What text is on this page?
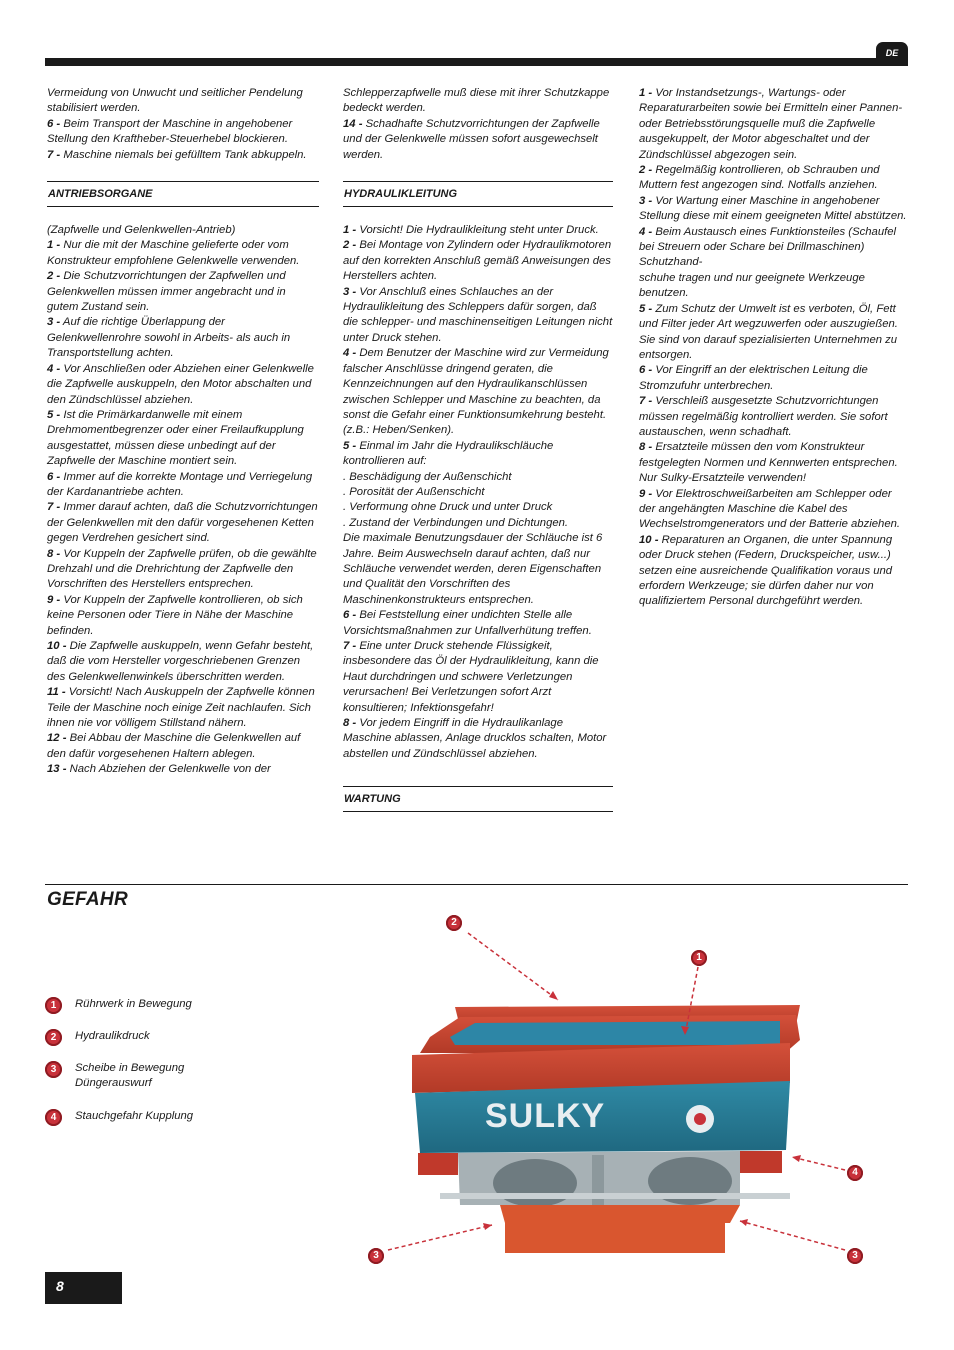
DE

Vermeidung von Unwucht und seitlicher Pendelung stabilisiert werden.

6 - Beim Transport der Maschine in angehobener Stellung den Kraftheber-Steuerhebel blockieren.

7 - Maschine niemals bei gefülltem Tank abkuppeln.

ANTRIEBSORGANE

(Zapfwelle und Gelenkwellen-Antrieb)

1 - Nur die mit der Maschine gelieferte oder vom Konstrukteur empfohlene Gelenkwelle verwenden.

2 - Die Schutzvorrichtungen der Zapfwellen und Gelenkwellen müssen immer angebracht und in gutem Zustand sein.

3 - Auf die richtige Überlappung der Gelenkwellenrohre sowohl in Arbeits- als auch in Transportstellung achten.

4 - Vor Anschließen oder Abziehen einer Gelenkwelle die Zapfwelle auskuppeln, den Motor abschalten und den Zündschlüssel abziehen.

5 - Ist die Primärkardanwelle mit einem Drehmomentbegrenzer oder einer Freilaufkupplung ausgestattet, müssen diese unbedingt auf der Zapfwelle der Maschine montiert sein.

6 - Immer auf die korrekte Montage und Verriegelung der Kardanantriebe achten.

7 - Immer darauf achten, daß die Schutzvorrichtungen der Gelenkwellen mit den dafür vorgesehenen Ketten gegen Verdrehen gesichert sind.

8 - Vor Kuppeln der Zapfwelle prüfen, ob die gewählte Drehzahl und die Drehrichtung der Zapfwelle den Vorschriften des Herstellers entsprechen.

9 - Vor Kuppeln der Zapfwelle kontrollieren, ob sich keine Personen oder Tiere in Nähe der Maschine befinden.

10 - Die Zapfwelle auskuppeln, wenn Gefahr besteht, daß die vom Hersteller vorgeschriebenen Grenzen des Gelenkwellenwinkels überschritten werden.

11 - Vorsicht! Nach Auskuppeln der Zapfwelle können Teile der Maschine noch einige Zeit nachlaufen. Sich ihnen nie vor völligem Stillstand nähern.

12 - Bei Abbau der Maschine die Gelenkwellen auf den dafür vorgesehenen Haltern ablegen.

13 - Nach Abziehen der Gelenkwelle von der

Schlepperzapfwelle muß diese mit ihrer Schutzkappe bedeckt werden.

14 - Schadhafte Schutzvorrichtungen der Zapfwelle und der Gelenkwelle müssen sofort ausgewechselt werden.

HYDRAULIKLEITUNG

1 - Vorsicht! Die Hydraulikleitung steht unter Druck.

2 - Bei Montage von Zylindern oder Hydraulikmotoren auf den korrekten Anschluß gemäß Anweisungen des Herstellers achten.

3 - Vor Anschluß eines Schlauches an der Hydraulikleitung des Schleppers dafür sorgen, daß die schlepper- und maschinenseitigen Leitungen nicht unter Druck stehen.

4 - Dem Benutzer der Maschine wird zur Vermeidung falscher Anschlüsse dringend geraten, die Kennzeichnungen auf den Hydraulikanschlüssen zwischen Schlepper und Maschine zu beachten, da sonst die Gefahr einer Funktionsumkehrung besteht. (z.B.: Heben/Senken).

5 - Einmal im Jahr die Hydraulikschläuche kontrollieren auf:

. Beschädigung der Außenschicht

. Porosität der Außenschicht

. Verformung ohne Druck und unter Druck

. Zustand der Verbindungen und Dichtungen.

Die maximale Benutzungsdauer der Schläuche ist 6 Jahre. Beim Auswechseln darauf achten, daß nur Schläuche verwendet werden, deren Eigenschaften und Qualität den Vorschriften des Maschinenkonstrukteurs entsprechen.

6 - Bei Feststellung einer undichten Stelle alle Vorsichtsmaßnahmen zur Unfallverhütung treffen.

7 - Eine unter Druck stehende Flüssigkeit, insbesondere das Öl der Hydraulikleitung, kann die Haut durchdringen und schwere Verletzungen verursachen! Bei Verletzungen sofort Arzt konsultieren; Infektionsgefahr!

8 - Vor jedem Eingriff in die Hydraulikanlage Maschine ablassen, Anlage drucklos schalten, Motor abstellen und Zündschlüssel abziehen.

WARTUNG

1 - Vor Instandsetzungs-, Wartungs- oder Reparaturarbeiten sowie bei Ermitteln einer Pannen- oder Betriebsstörungsquelle muß die Zapfwelle ausgekuppelt, der Motor abgeschaltet und der Zündschlüssel abgezogen sein.

2 - Regelmäßig kontrollieren, ob Schrauben und Muttern fest angezogen sind. Notfalls anziehen.

3 - Vor Wartung einer Maschine in angehobener Stellung diese mit einem geeigneten Mittel abstützen.

4 - Beim Austausch eines Funktionsteiles (Schaufel bei Streuern oder Schare bei Drillmaschinen) Schutzhand-

schuhe tragen und nur geeignete Werkzeuge benutzen.

5 - Zum Schutz der Umwelt ist es verboten, Öl, Fett und Filter jeder Art wegzuwerfen oder auszugießen. Sie sind von darauf spezialisierten Unternehmen zu entsorgen.

6 - Vor Eingriff an der elektrischen Leitung die Stromzufuhr unterbrechen.

7 - Verschleiß ausgesetzte Schutzvorrichtungen müssen regelmäßig kontrolliert werden. Sie sofort austauschen, wenn schadhaft.

8 - Ersatzteile müssen den vom Konstrukteur festgelegten Normen und Kennwerten entsprechen. Nur Sulky-Ersatzteile verwenden!

9 - Vor Elektroschweißarbeiten am Schlepper oder der angehängten Maschine die Kabel des Wechselstromgenerators und der Batterie abziehen.

10 - Reparaturen an Organen, die unter Spannung oder Druck stehen (Federn, Druckspeicher, usw...) setzen eine ausreichende Qualifikation voraus und erfordern Werkzeuge; sie dürfen daher nur von qualifiziertem Personal durchgeführt werden.

GEFAHR
1	Rührwerk in Bewegung
2	Hydraulikdruck
3	Scheibe in Bewegung
Düngerauswurf
4	Stauchgefahr Kupplung	SULKY
2
1
4
3	3
8
